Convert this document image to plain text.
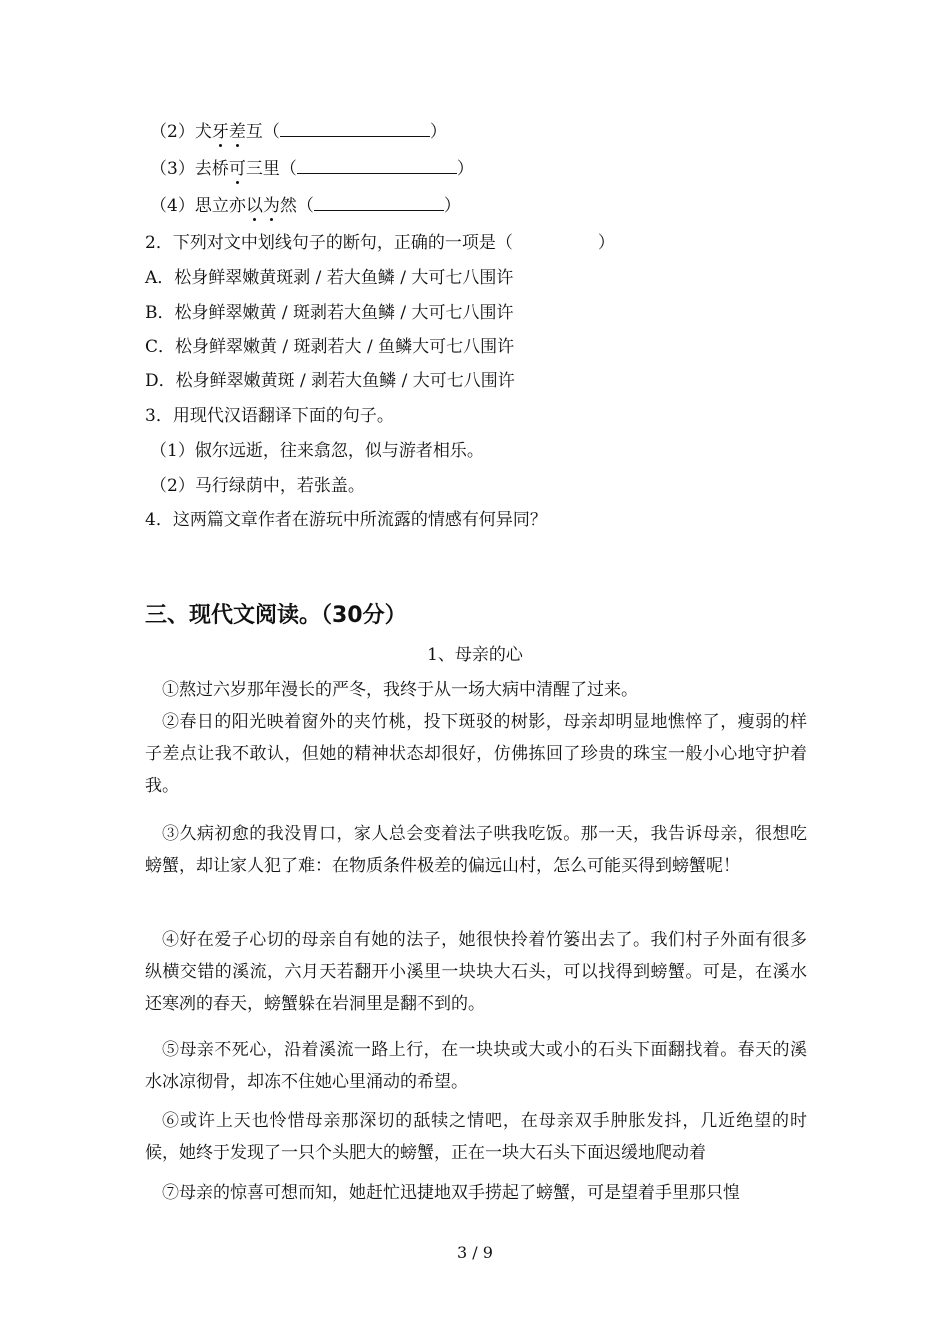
（2）犬牙差互（	）
（3）去桥可三里（	）
（4）思立亦以为然（	）
2．下列对文中划线句子的断句，正确的一项是（　　　　　）
A．松身鲜翠嫩黄斑剥 / 若大鱼鳞 / 大可七八围许
B．松身鲜翠嫩黄 / 斑剥若大鱼鳞 / 大可七八围许
C．松身鲜翠嫩黄 / 斑剥若大 / 鱼鳞大可七八围许
D．松身鲜翠嫩黄斑 / 剥若大鱼鳞 / 大可七八围许
3．用现代汉语翻译下面的句子。
（1）俶尔远逝，往来翕忽，似与游者相乐。
（2）马行绿荫中，若张盖。
4．这两篇文章作者在游玩中所流露的情感有何异同？
三、现代文阅读。（30分）
1、母亲的心
①熬过六岁那年漫长的严冬，我终于从一场大病中清醒了过来。
②春日的阳光映着窗外的夹竹桃，投下斑驳的树影，母亲却明显地憔悴了，瘦弱的样子差点让我不敢认，但她的精神状态却很好，仿佛拣回了珍贵的珠宝一般小心地守护着我。
③久病初愈的我没胃口，家人总会变着法子哄我吃饭。那一天，我告诉母亲，很想吃螃蟹，却让家人犯了难：在物质条件极差的偏远山村，怎么可能买得到螃蟹呢！
④好在爱子心切的母亲自有她的法子，她很快拎着竹篓出去了。我们村子外面有很多纵横交错的溪流，六月天若翻开小溪里一块块大石头，可以找得到螃蟹。可是，在溪水还寒冽的春天，螃蟹躲在岩洞里是翻不到的。
⑤母亲不死心，沿着溪流一路上行，在一块块或大或小的石头下面翻找着。春天的溪水冰凉彻骨，却冻不住她心里涌动的希望。
⑥或许上天也怜惜母亲那深切的舐犊之情吧，在母亲双手肿胀发抖，几近绝望的时候，她终于发现了一只个头肥大的螃蟹，正在一块大石头下面迟缓地爬动着
⑦母亲的惊喜可想而知，她赶忙迅捷地双手捞起了螃蟹，可是望着手里那只惶
3 / 9
